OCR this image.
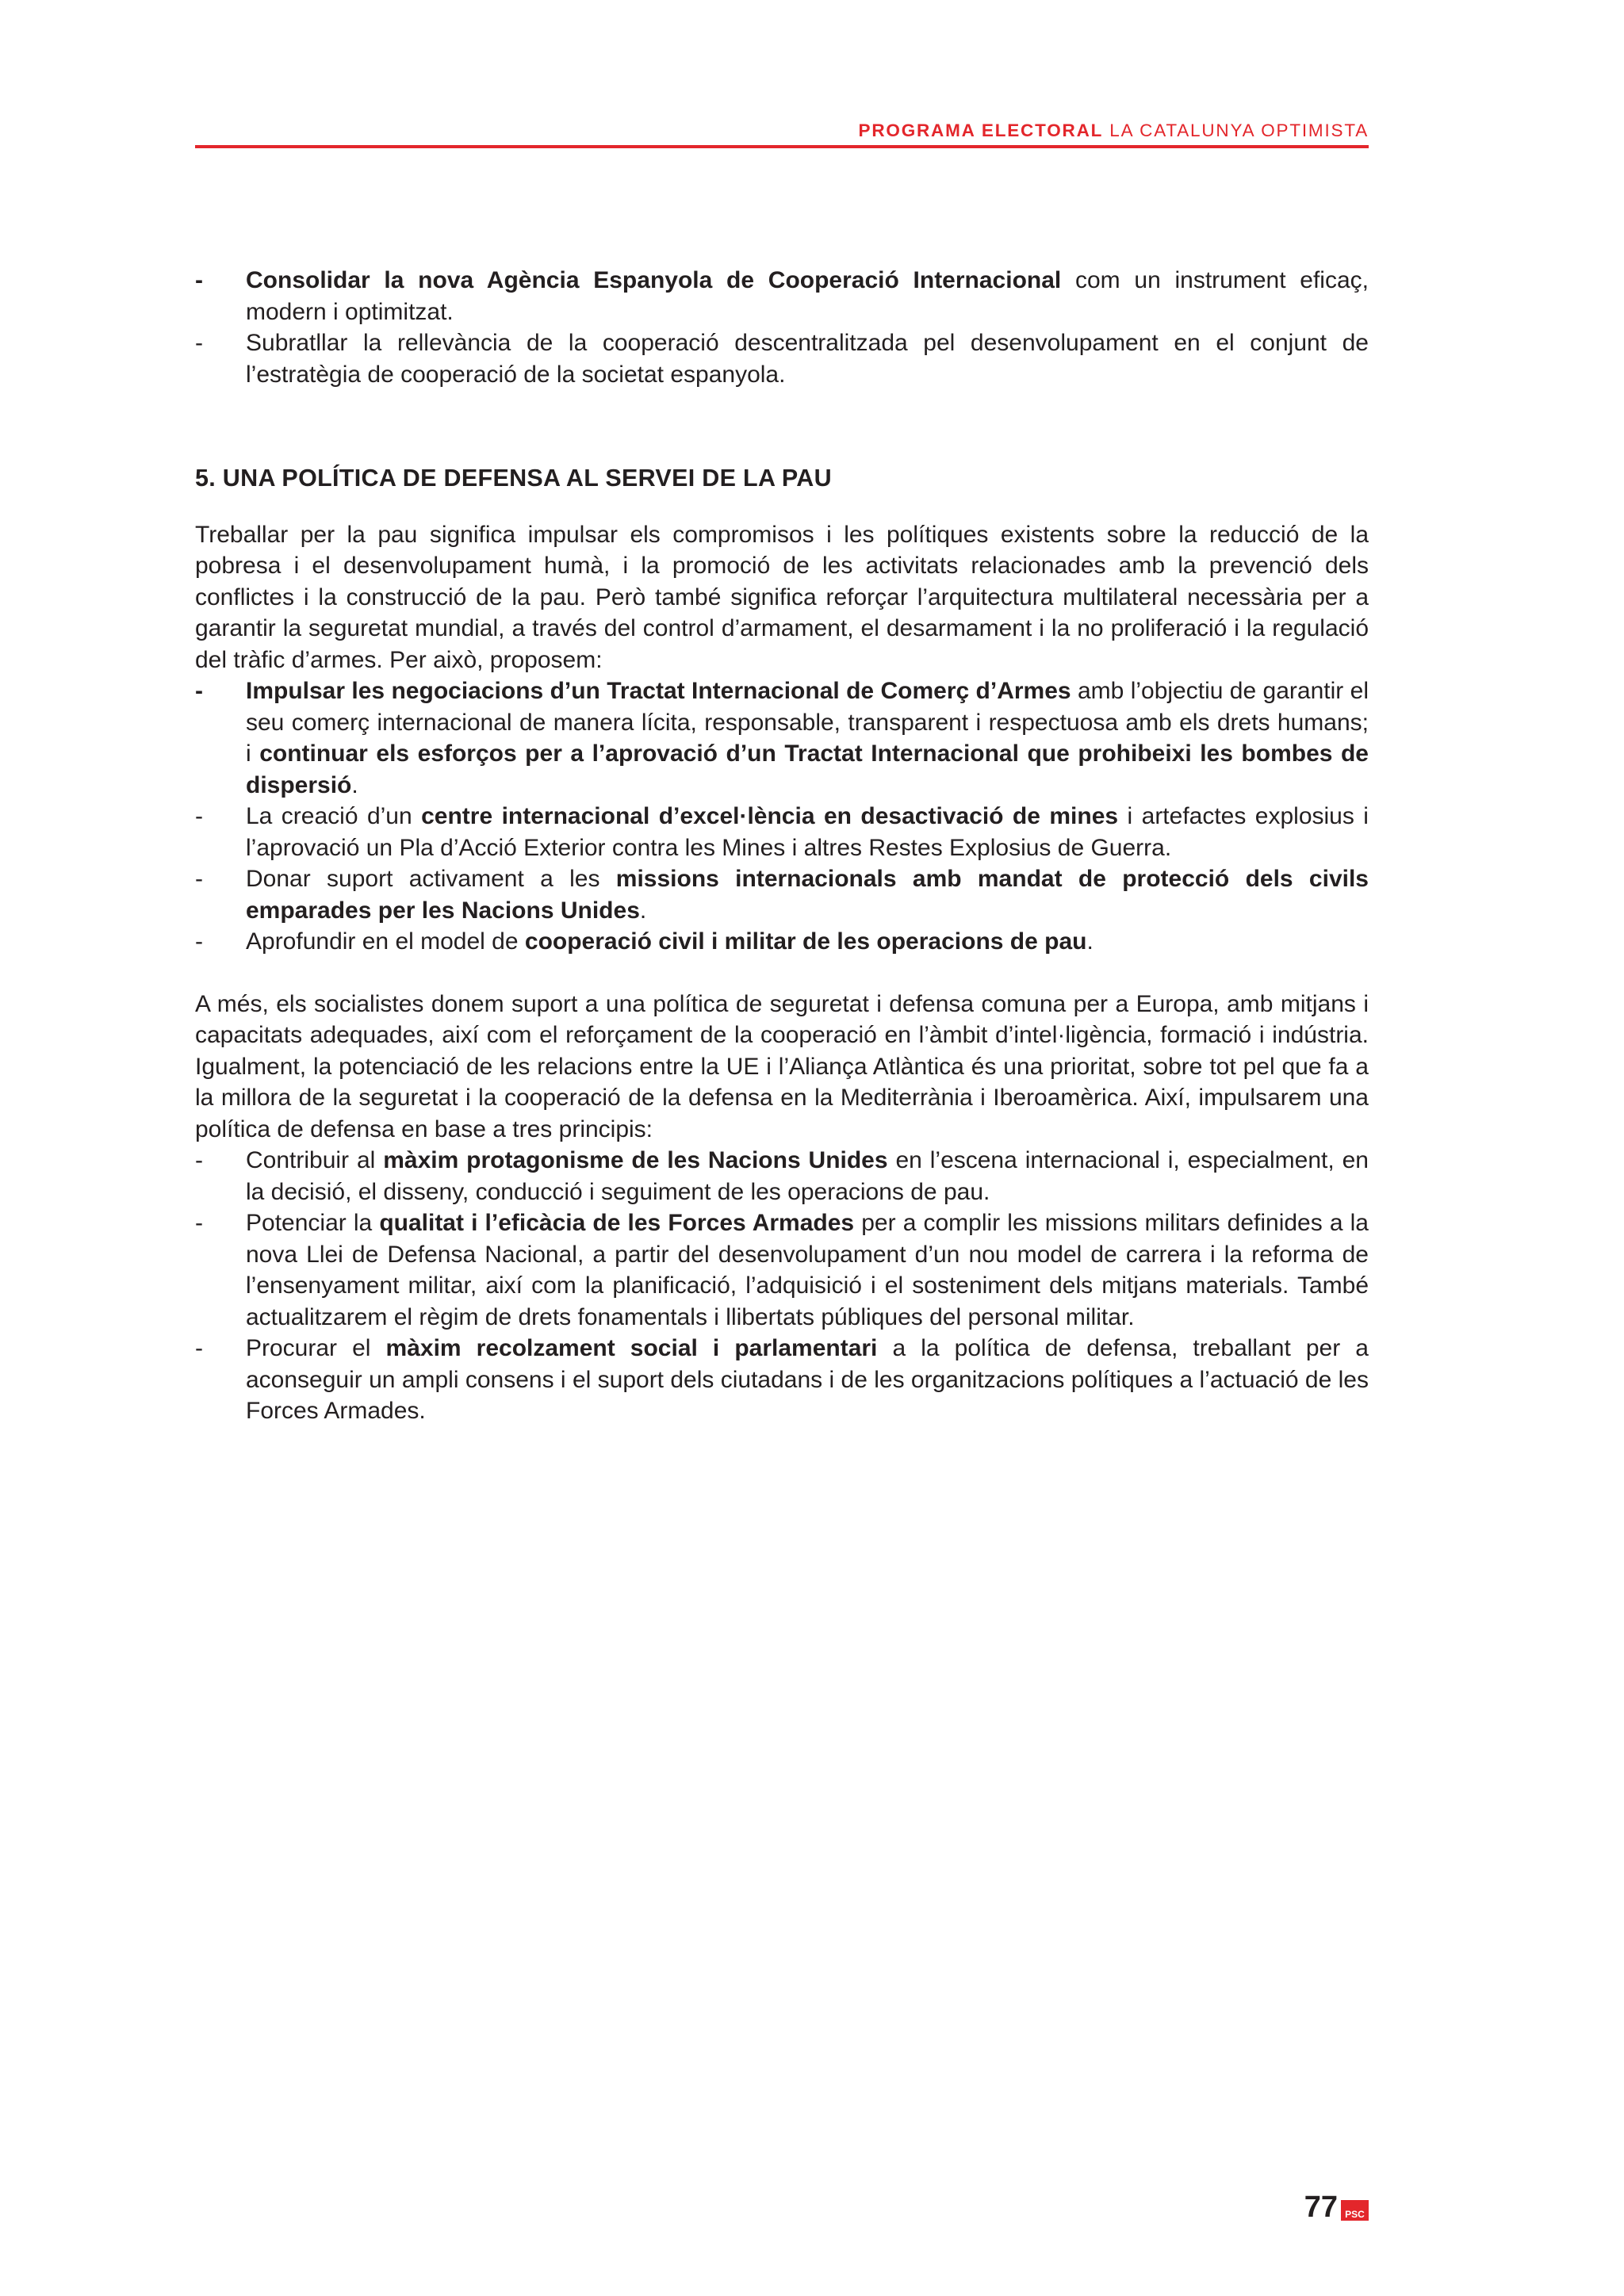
PROGRAMA ELECTORAL LA CATALUNYA OPTIMISTA
- Consolidar la nova Agència Espanyola de Cooperació Internacional com un instrument eficaç, modern i optimitzat.
- Subratllar la rellevància de la cooperació descentralitzada pel desenvolupament en el conjunt de l’estratègia de cooperació de la societat espanyola.
5. UNA POLÍTICA DE DEFENSA AL SERVEI DE LA PAU

Treballar per la pau significa impulsar els compromisos i les polítiques existents sobre la reducció de la pobresa i el desenvolupament humà, i la promoció de les activitats relacionades amb la prevenció dels conflictes i la construcció de la pau. Però també significa reforçar l’arquitectura multilateral necessària per a garantir la seguretat mundial, a través del control d’armament, el desarmament i la no proliferació i la regulació del tràfic d’armes. Per això, proposem:

- Impulsar les negociacions d’un Tractat Internacional de Comerç d’Armes amb l’objectiu de garantir el seu comerç internacional de manera lícita, responsable, transparent i respectuosa amb els drets humans; i continuar els esforços per a l’aprovació d’un Tractat Internacional que prohibeixi les bombes de dispersió.
- La creació d’un centre internacional d’excel·lència en desactivació de mines i artefactes explosius i l’aprovació un Pla d’Acció Exterior contra les Mines i altres Restes Explosius de Guerra.
- Donar suport activament a les missions internacionals amb mandat de protecció dels civils emparades per les Nacions Unides.
- Aprofundir en el model de cooperació civil i militar de les operacions de pau.

A més, els socialistes donem suport a una política de seguretat i defensa comuna per a Europa, amb mitjans i capacitats adequades, així com el reforçament de la cooperació en l’àmbit d’intel·ligència, formació i indústria. Igualment, la potenciació de les relacions entre la UE i l’Aliança Atlàntica és una prioritat, sobre tot pel que fa a la millora de la seguretat i la cooperació de la defensa en la Mediterrània i Iberoamèrica. Així, impulsarem una política de defensa en base a tres principis:

- Contribuir al màxim protagonisme de les Nacions Unides en l’escena internacional i, especialment, en la decisió, el disseny, conducció i seguiment de les operacions de pau.
- Potenciar la qualitat i l’eficàcia de les Forces Armades per a complir les missions militars definides a la nova Llei de Defensa Nacional, a partir del desenvolupament d’un nou model de carrera i la reforma de l’ensenyament militar, així com la planificació, l’adquisició i el sosteniment dels mitjans materials. També actualitzarem el règim de drets fonamentals i llibertats públiques del personal militar.
- Procurar el màxim recolzament social i parlamentari a la política de defensa, treballant per a aconseguir un ampli consens i el suport dels ciutadans i de les organitzacions polítiques a l’actuació de les Forces Armades.
77 PSC
